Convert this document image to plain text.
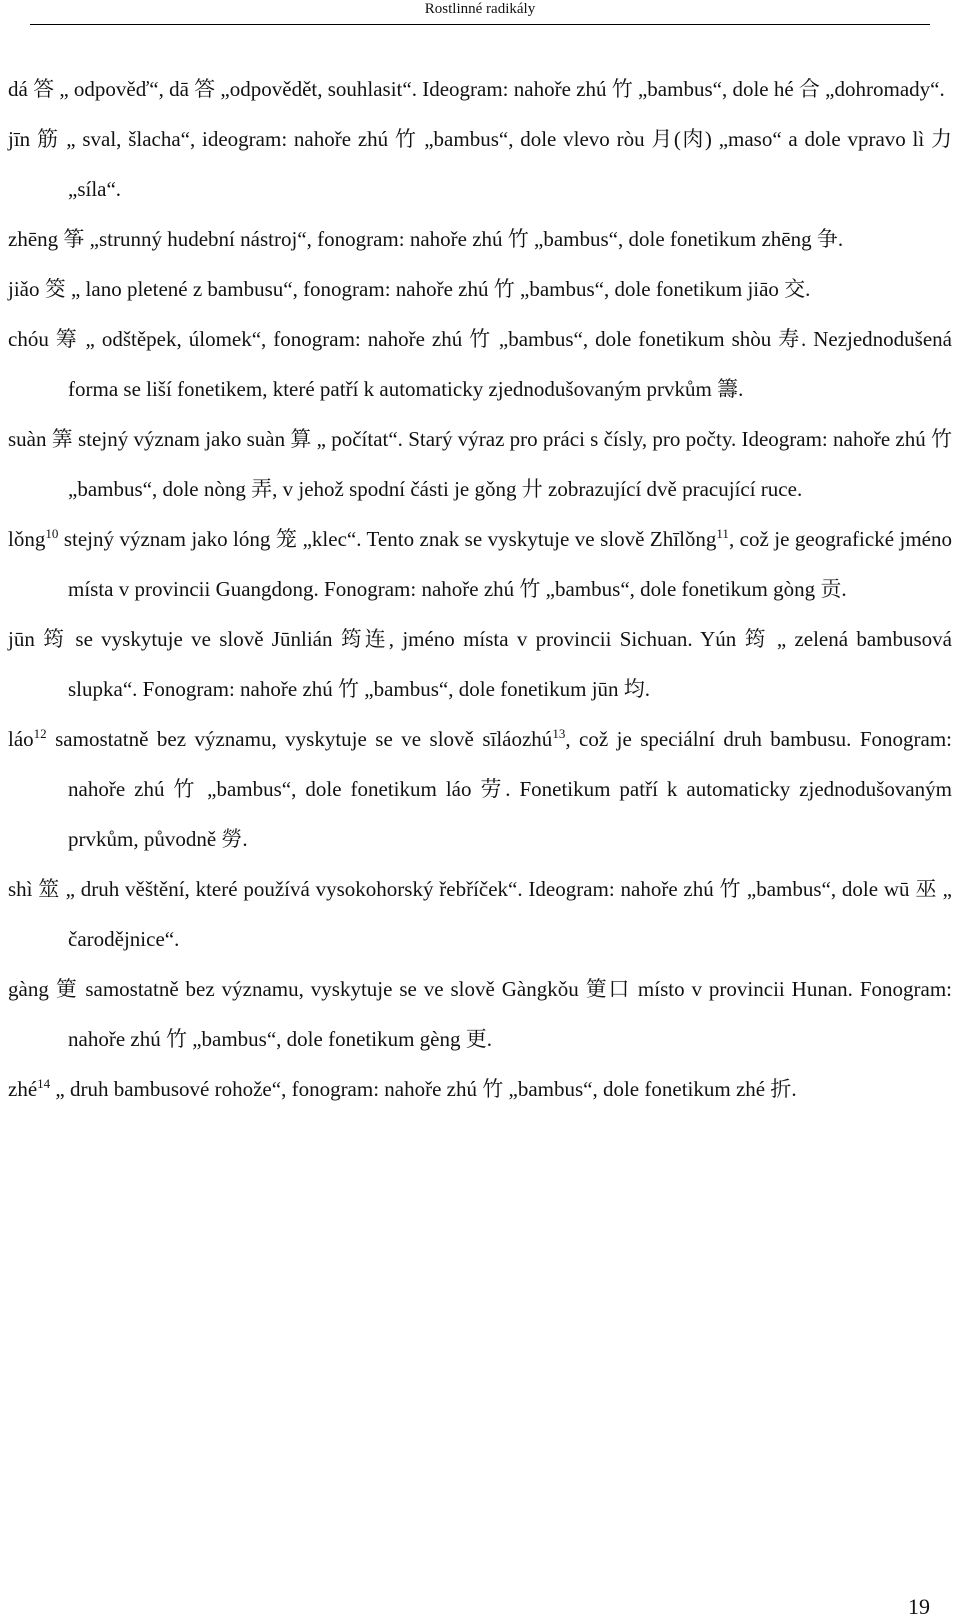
Rostlinné radikály

dá 答 „ odpověď“, dā 答 „odpovědět, souhlasit“. Ideogram: nahoře zhú 竹 „bambus“, dole hé 合 „dohromady“.

jīn 筋 „ sval, šlacha“, ideogram: nahoře zhú 竹 „bambus“, dole vlevo ròu 月(肉) „maso“ a dole vpravo lì 力 „síla“.

zhēng 筝 „strunný hudební nástroj“, fonogram: nahoře zhú 竹 „bambus“, dole fonetikum zhēng 争.

jiǎo 筊 „ lano pletené z bambusu“, fonogram: nahoře zhú 竹 „bambus“, dole fonetikum jiāo 交.

chóu 筹 „ odštěpek, úlomek“, fonogram: nahoře zhú 竹 „bambus“, dole fonetikum shòu 寿. Nezjednodušená forma se liší fonetikem, které patří k automaticky zjednodušovaným prvkům 籌.

suàn 筭 stejný význam jako suàn 算 „ počítat“. Starý výraz pro práci s čísly, pro počty. Ideogram: nahoře zhú 竹 „bambus“, dole nòng 弄, v jehož spodní části je gǒng 廾 zobrazující dvě pracující ruce.

lǒng$^{10}$ stejný význam jako lóng 笼 „klec“. Tento znak se vyskytuje ve slově Zhīlǒng$^{11}$, což je geografické jméno místa v provincii Guangdong. Fonogram: nahoře zhú 竹 „bambus“, dole fonetikum gòng 贡.

jūn 筠 se vyskytuje ve slově Jūnlián 筠连, jméno místa v provincii Sichuan. Yún 筠 „ zelená bambusová slupka“. Fonogram: nahoře zhú 竹 „bambus“, dole fonetikum jūn 均.

láo$^{12}$ samostatně bez významu, vyskytuje se ve slově sīláozhú$^{13}$, což je speciální druh bambusu. Fonogram: nahoře zhú 竹 „bambus“, dole fonetikum láo 劳. Fonetikum patří k automaticky zjednodušovaným prvkům, původně 勞.

shì 筮 „ druh věštění, které používá vysokohorský řebříček“. Ideogram: nahoře zhú 竹 „bambus“, dole wū 巫 „ čarodějnice“.

gàng 筻 samostatně bez významu, vyskytuje se ve slově Gàngkǒu 筻口 místo v provincii Hunan. Fonogram: nahoře zhú 竹 „bambus“, dole fonetikum gèng 更.

zhé$^{14}$ „ druh bambusové rohože“, fonogram: nahoře zhú 竹 „bambus“, dole fonetikum zhé 折.

19
